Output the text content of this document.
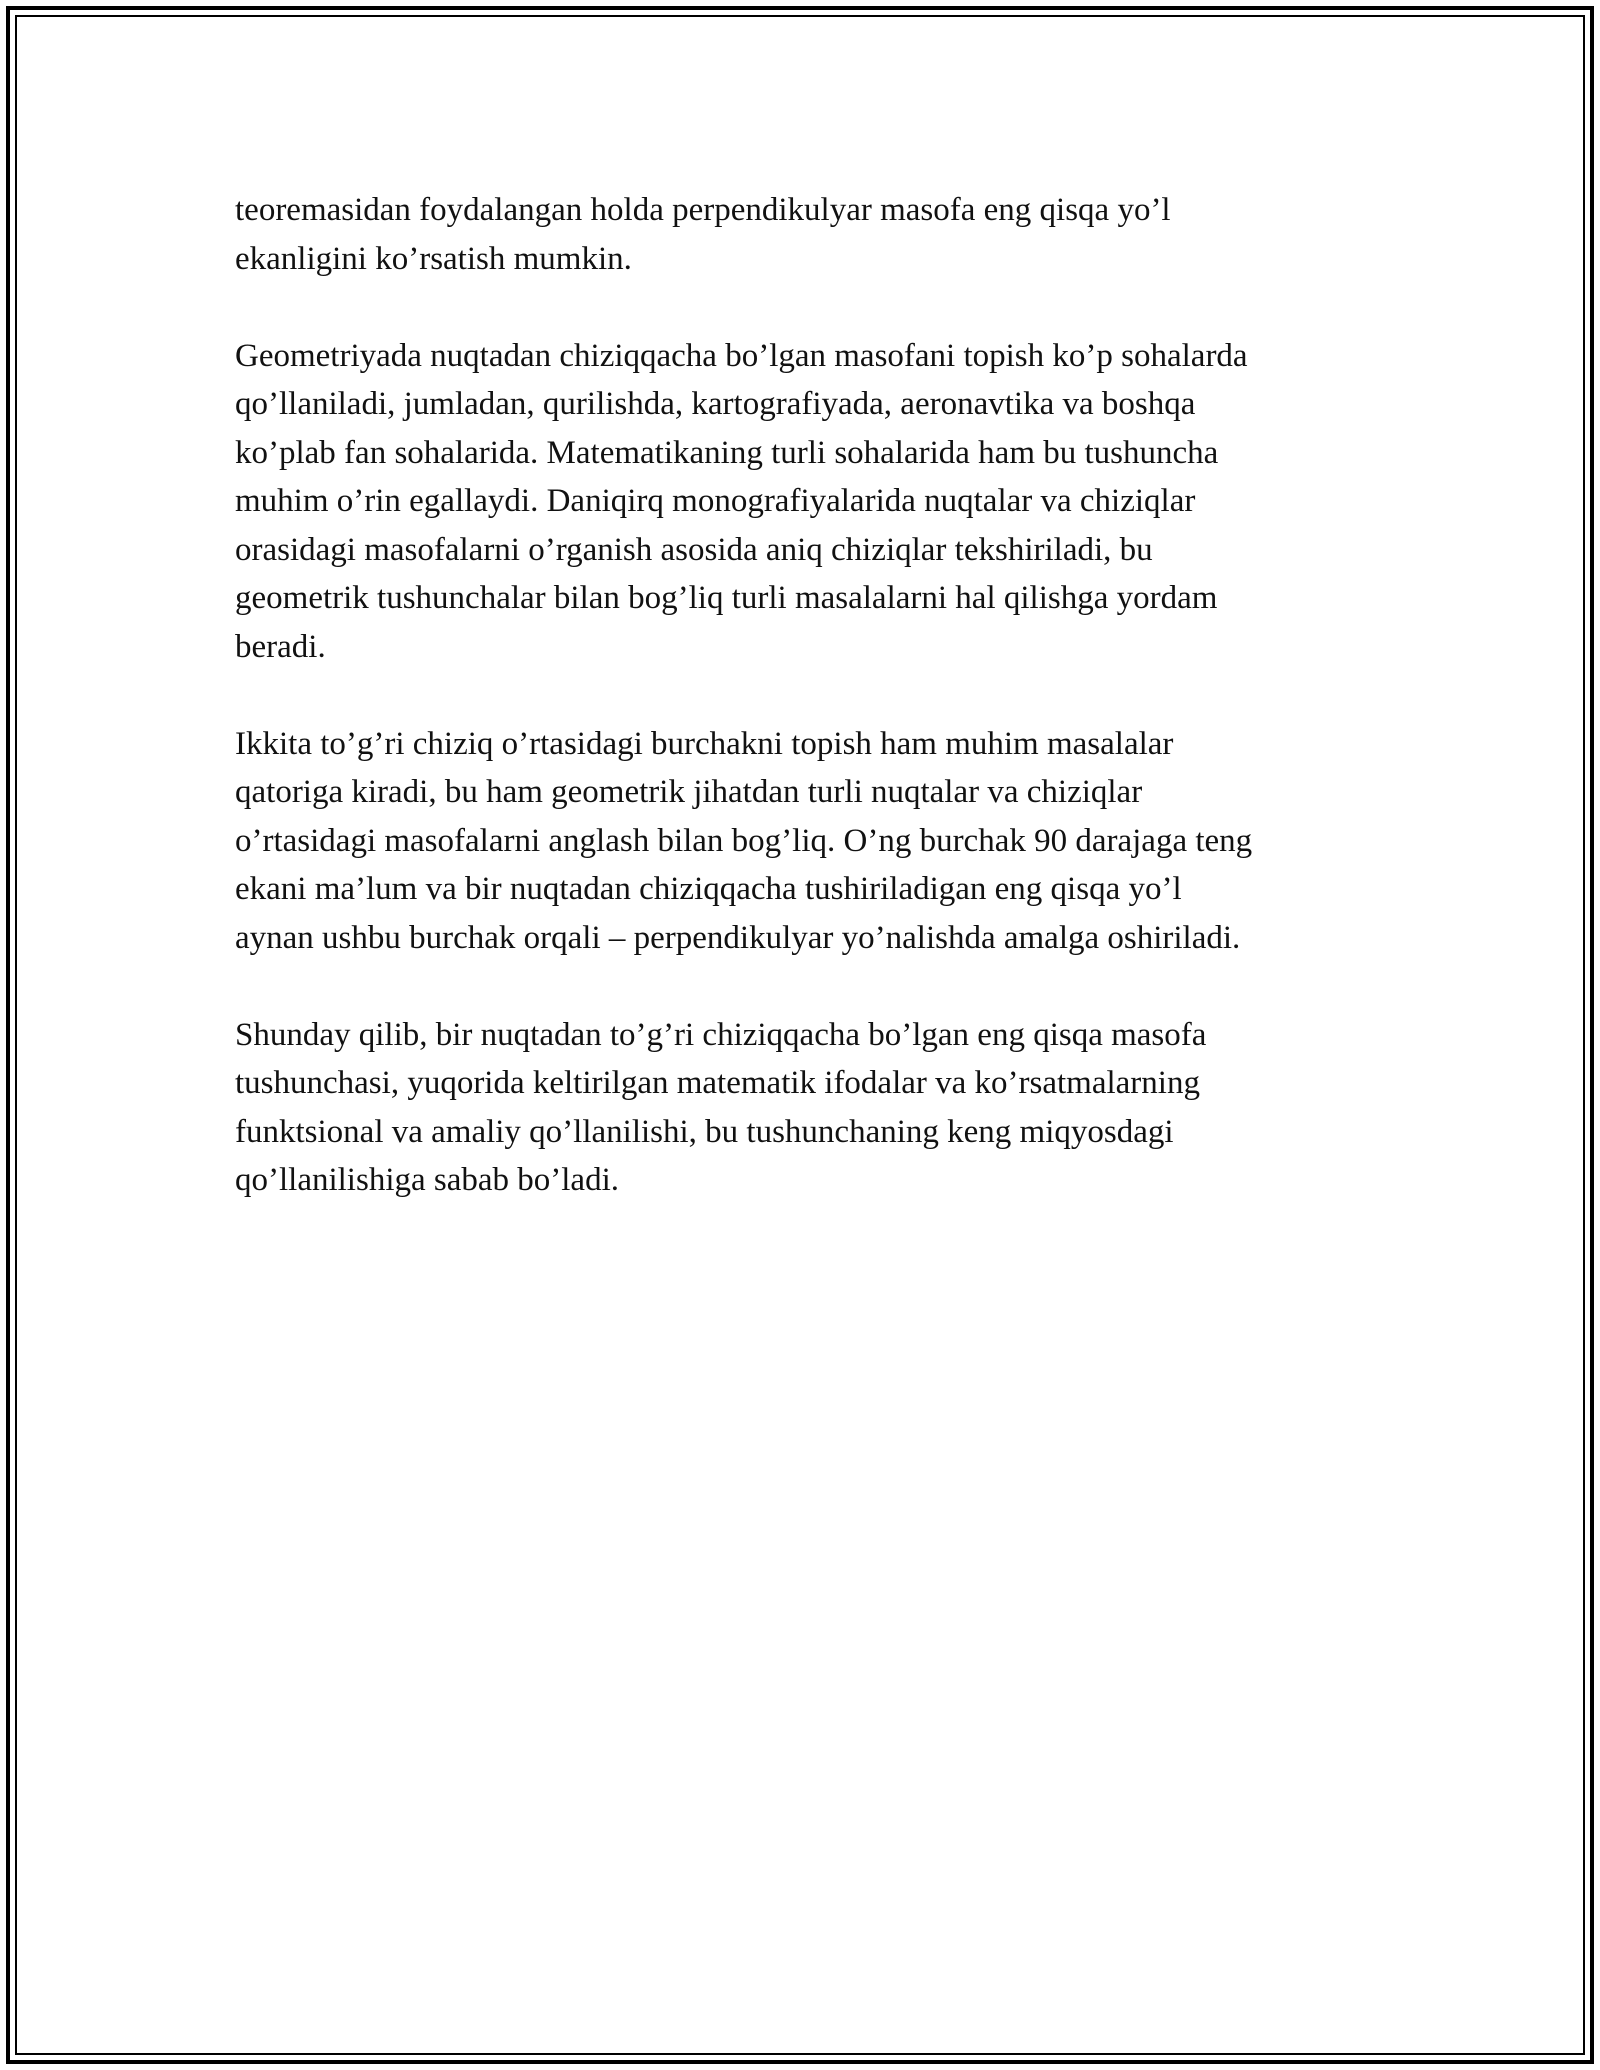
teoremasidan foydalangan holda perpendikulyar masofa eng qisqa yo’l
ekanligini ko’rsatish mumkin.

Geometriyada nuqtadan chiziqqacha bo’lgan masofani topish ko’p sohalarda
qo’llaniladi, jumladan, qurilishda, kartografiyada, aeronavtika va boshqa
ko’plab fan sohalarida. Matematikaning turli sohalarida ham bu tushuncha
muhim o’rin egallaydi. Daniqirq monografiyalarida nuqtalar va chiziqlar
orasidagi masofalarni o’rganish asosida aniq chiziqlar tekshiriladi, bu
geometrik tushunchalar bilan bog’liq turli masalalarni hal qilishga yordam
beradi.

Ikkita to’g’ri chiziq o’rtasidagi burchakni topish ham muhim masalalar
qatoriga kiradi, bu ham geometrik jihatdan turli nuqtalar va chiziqlar
o’rtasidagi masofalarni anglash bilan bog’liq. O’ng burchak 90 darajaga teng
ekani ma’lum va bir nuqtadan chiziqqacha tushiriladigan eng qisqa yo’l
aynan ushbu burchak orqali – perpendikulyar yo’nalishda amalga oshiriladi.

Shunday qilib, bir nuqtadan to’g’ri chiziqqacha bo’lgan eng qisqa masofa
tushunchasi, yuqorida keltirilgan matematik ifodalar va ko’rsatmalarning
funktsional va amaliy qo’llanilishi, bu tushunchaning keng miqyosdagi
qo’llanilishiga sabab bo’ladi.
